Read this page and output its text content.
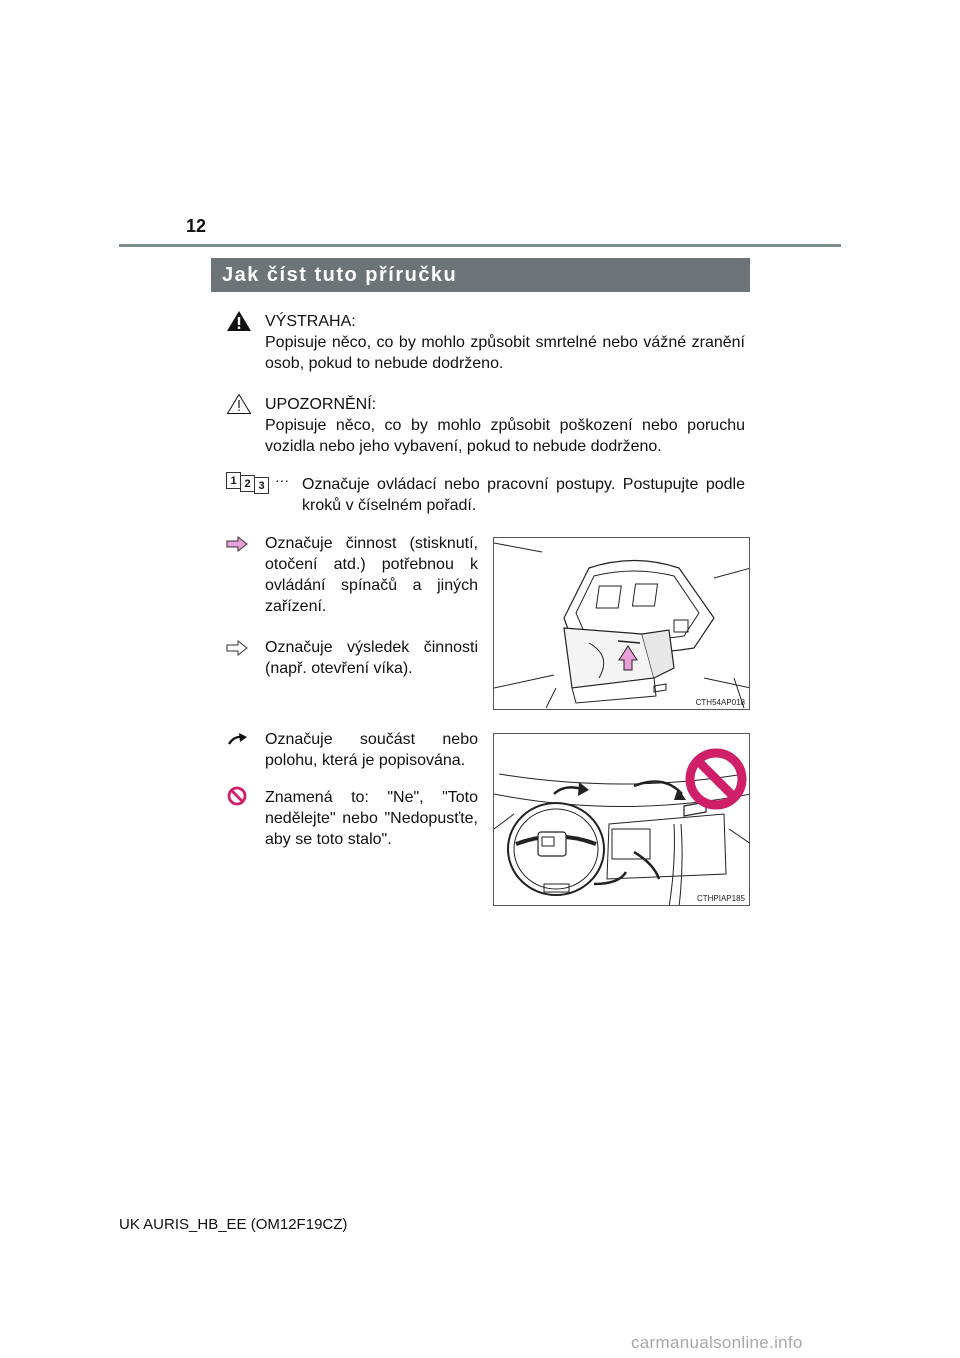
12
Jak číst tuto příručku
VÝSTRAHA:
Popisuje něco, co by mohlo způsobit smrtelné nebo vážné zranění osob, pokud to nebude dodrženo.
UPOZORNĚNÍ:
Popisuje něco, co by mohlo způsobit poškození nebo poruchu vozidla nebo jeho vybavení, pokud to nebude dodrženo.
1 2 3 ··· Označuje ovládací nebo pracovní postupy. Postupujte podle kroků v číselném pořadí.
Označuje činnost (stisknutí, otočení atd.) potřebnou k ovládání spínačů a jiných zařízení.
Označuje výsledek činnosti (např. otevření víka).
CTH54AP018
Označuje součást nebo polohu, která je popisována.
Znamená to: "Ne", "Toto nedělejte" nebo "Nedopusťte, aby se toto stalo".
CTHPIAP185
UK AURIS_HB_EE (OM12F19CZ)
carmanualsonline.info
